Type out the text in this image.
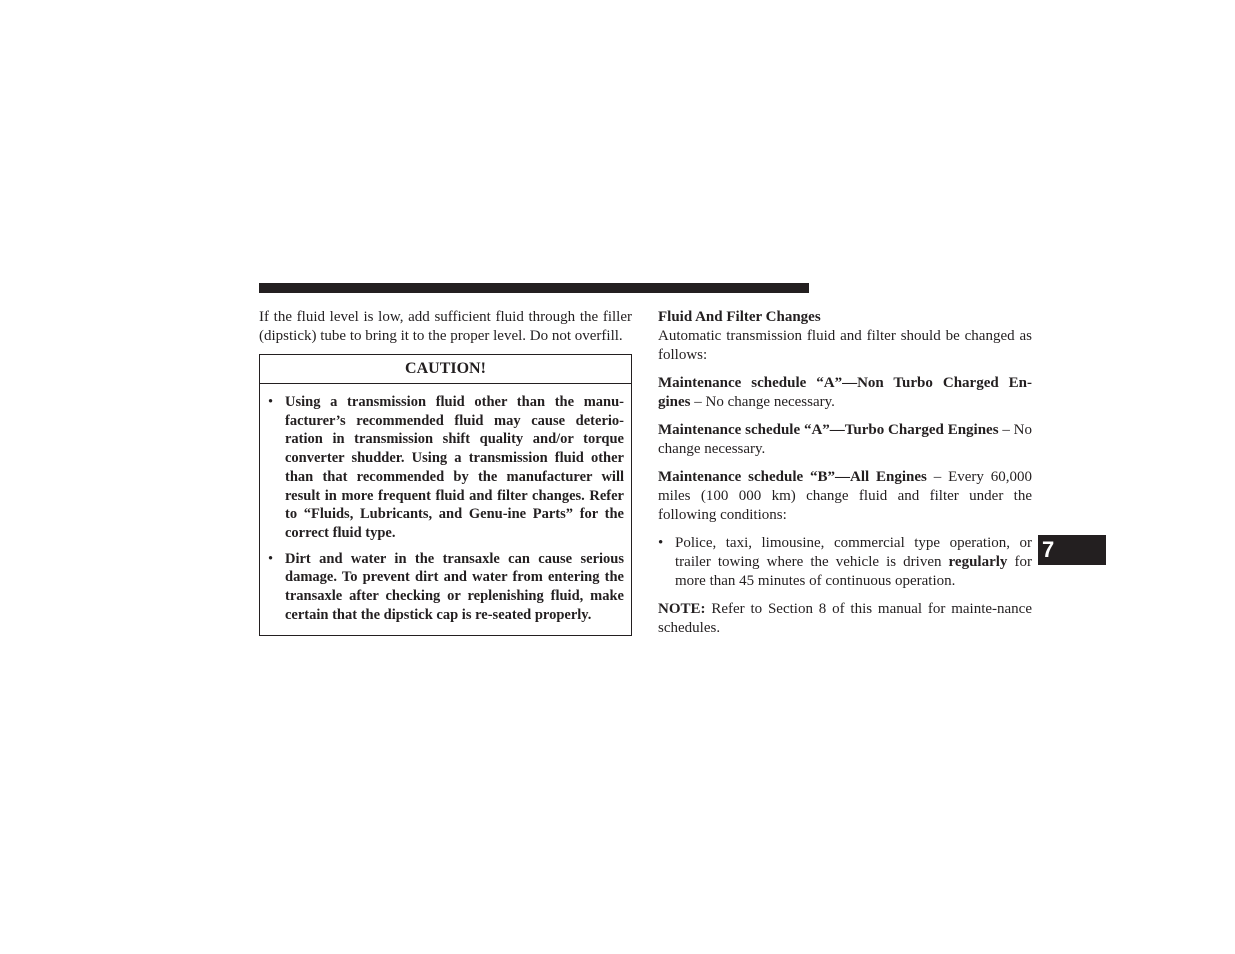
If the fluid level is low, add sufficient fluid through the filler (dipstick) tube to bring it to the proper level. Do not overfill.

CAUTION!
• Using a transmission fluid other than the manu-facturer’s recommended fluid may cause deterio-ration in transmission shift quality and/or torque converter shudder. Using a transmission fluid other than that recommended by the manufacturer will result in more frequent fluid and filter changes. Refer to “Fluids, Lubricants, and Genu-ine Parts” for the correct fluid type.
• Dirt and water in the transaxle can cause serious damage. To prevent dirt and water from entering the transaxle after checking or replenishing fluid, make certain that the dipstick cap is re-seated properly.

Fluid And Filter Changes

Automatic transmission fluid and filter should be changed as follows:

Maintenance schedule “A”—Non Turbo Charged En-gines – No change necessary.

Maintenance schedule “A”—Turbo Charged Engines – No change necessary.

Maintenance schedule “B”—All Engines – Every 60,000 miles (100 000 km) change fluid and filter under the following conditions:

• Police, taxi, limousine, commercial type operation, or trailer towing where the vehicle is driven regularly for more than 45 minutes of continuous operation.

NOTE: Refer to Section 8 of this manual for mainte-nance schedules.

7
